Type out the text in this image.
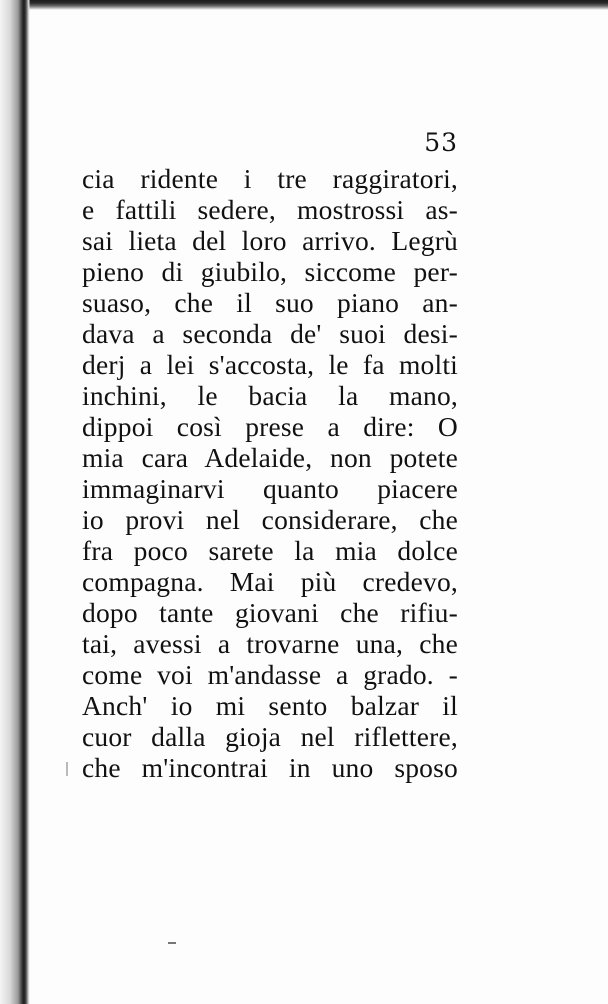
53
cia ridente i tre raggiratori,
e fattili sedere, mostrossi as-
sai lieta del loro arrivo. Legrù
pieno di giubilo, siccome per-
suaso, che il suo piano an-
dava a seconda de' suoi desi-
derj a lei s'accosta, le fa molti
inchini, le bacia la mano,
dippoi così prese a dire: O
mia cara Adelaide, non potete
immaginarvi quanto piacere
io provi nel considerare, che
fra poco sarete la mia dolce
compagna. Mai più credevo,
dopo tante giovani che rifiu-
tai, avessi a trovarne una, che
come voi m'andasse a grado. -
Anch' io mi sento balzar il
cuor dalla gioja nel riflettere,
che m'incontrai in uno sposo
